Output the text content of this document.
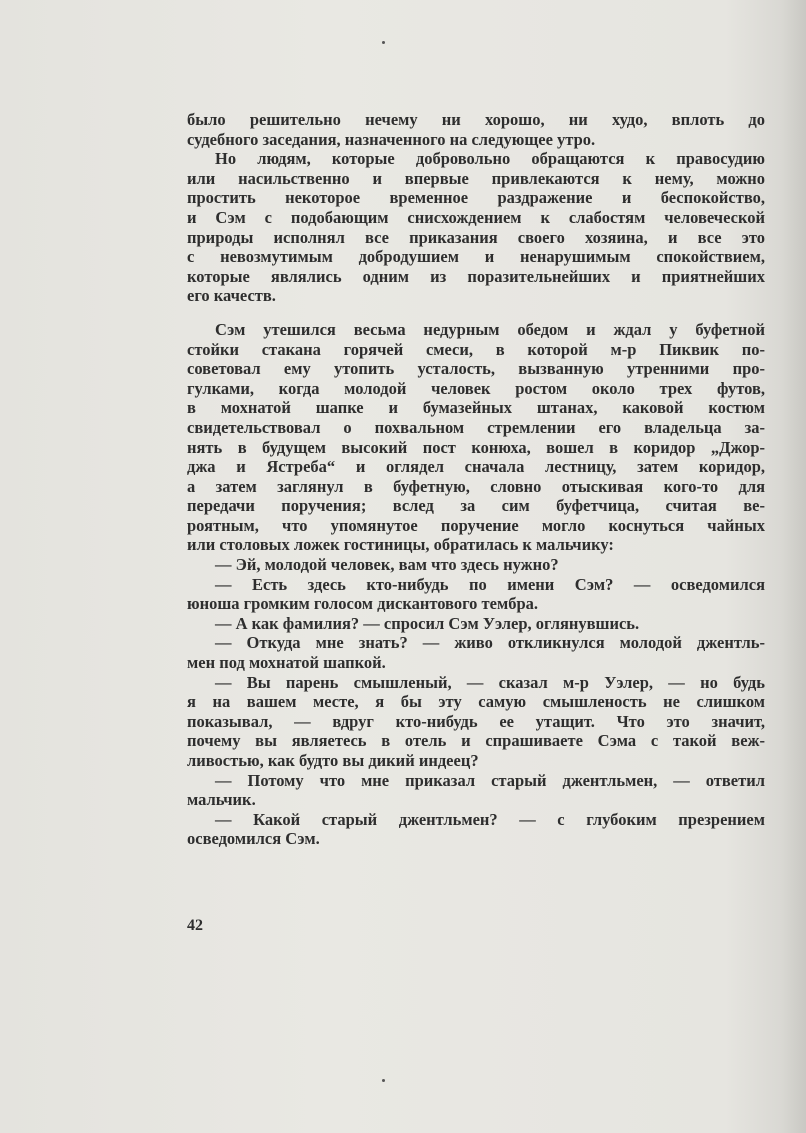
было решительно нечему ни хорошо, ни худо, вплоть до
судебного заседания, назначенного на следующее утро.
Но людям, которые добровольно обращаются к правосудию
или насильственно и впервые привлекаются к нему, можно
простить некоторое временное раздражение и беспокойство,
и Сэм с подобающим снисхождением к слабостям человеческой
природы исполнял все приказания своего хозяина, и все это
с невозмутимым добродушием и ненарушимым спокойствием,
которые являлись одним из поразительнейших и приятнейших
его качеств.
Сэм утешился весьма недурным обедом и ждал у буфетной
стойки стакана горячей смеси, в которой м-р Пиквик по-
советовал ему утопить усталость, вызванную утренними про-
гулками, когда молодой человек ростом около трех футов,
в мохнатой шапке и бумазейных штанах, каковой костюм
свидетельствовал о похвальном стремлении его владельца за-
нять в будущем высокий пост конюха, вошел в коридор „Джор-
джа и Ястреба“ и оглядел сначала лестницу, затем коридор,
а затем заглянул в буфетную, словно отыскивая кого-то для
передачи поручения; вслед за сим буфетчица, считая ве-
роятным, что упомянутое поручение могло коснуться чайных
или столовых ложек гостиницы, обратилась к мальчику:
— Эй, молодой человек, вам что здесь нужно?
— Есть здесь кто-нибудь по имени Сэм? — осведомился
юноша громким голосом дискантового тембра.
— А как фамилия? — спросил Сэм Уэлер, оглянувшись.
— Откуда мне знать? — живо откликнулся молодой джентль-
мен под мохнатой шапкой.
— Вы парень смышленый, — сказал м-р Уэлер, — но будь
я на вашем месте, я бы эту самую смышленость не слишком
показывал, — вдруг кто-нибудь ее утащит. Что это значит,
почему вы являетесь в отель и спрашиваете Сэма с такой веж-
ливостью, как будто вы дикий индеец?
— Потому что мне приказал старый джентльмен, — ответил
мальчик.
— Какой старый джентльмен? — с глубоким презрением
осведомился Сэм.
42
